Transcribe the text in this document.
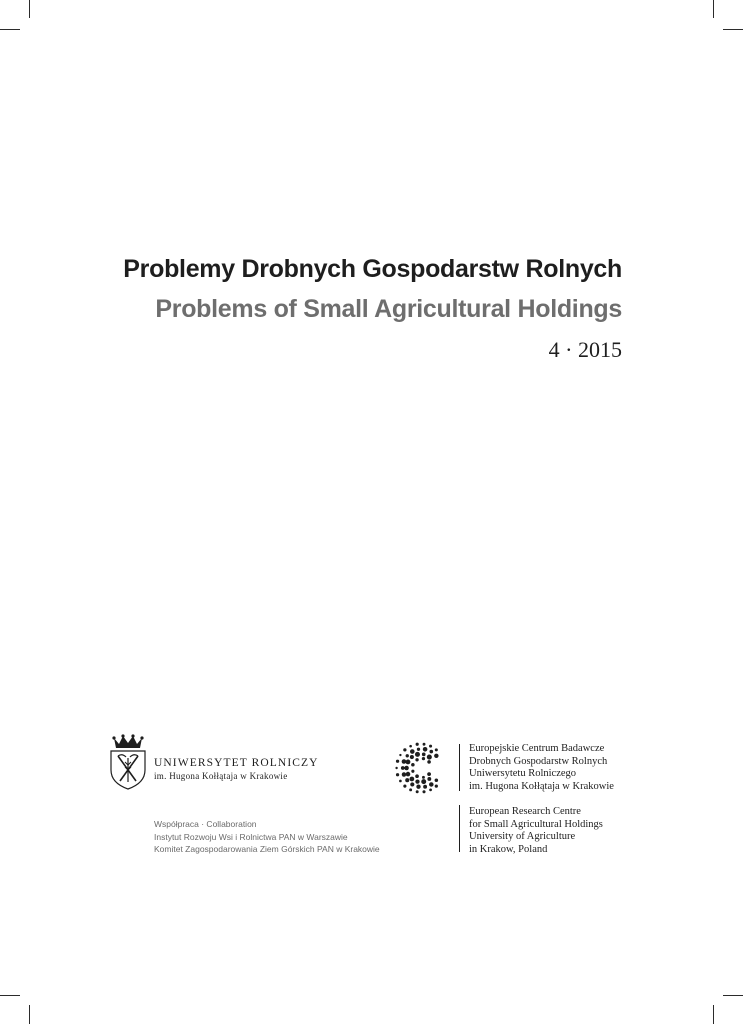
Problemy Drobnych Gospodarstw Rolnych
Problems of Small Agricultural Holdings
4 · 2015
UNIWERSYTET ROLNICZY
im. Hugona Kołłątaja w Krakowie
Europejskie Centrum Badawcze
Drobnych Gospodarstw Rolnych
Uniwersytetu Rolniczego
im. Hugona Kołłątaja w Krakowie
European Research Centre
for Small Agricultural Holdings
University of Agriculture
in Krakow, Poland
Współpraca · Collaboration
Instytut Rozwoju Wsi i Rolnictwa PAN w Warszawie
Komitet Zagospodarowania Ziem Górskich PAN w Krakowie
